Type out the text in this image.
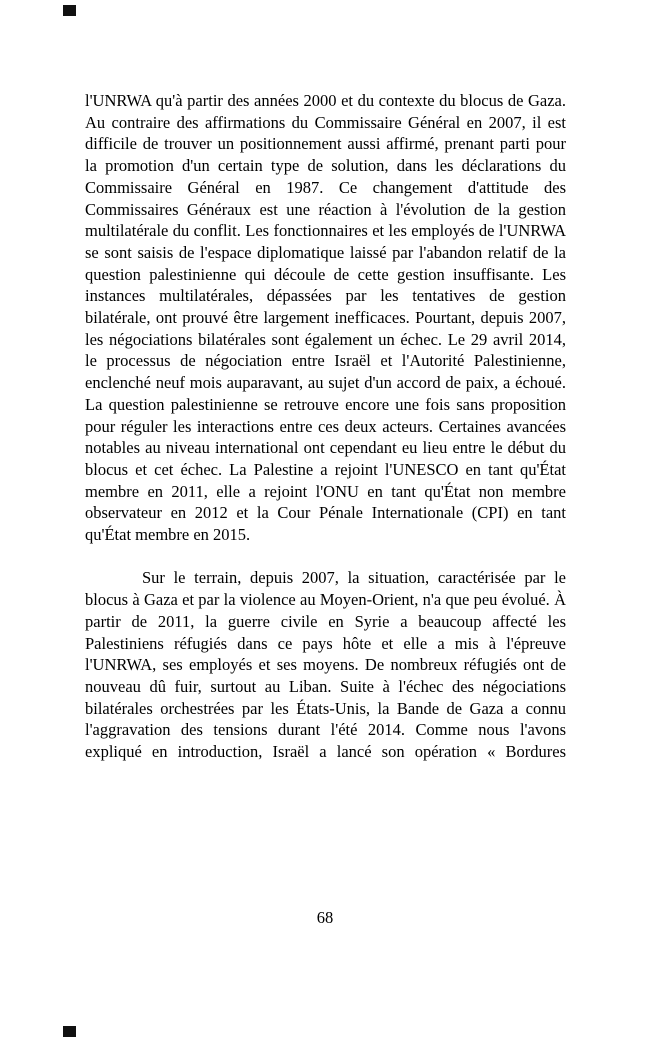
l'UNRWA qu'à partir des années 2000 et du contexte du blocus de Gaza. Au contraire des affirmations du Commissaire Général en 2007, il est difficile de trouver un positionnement aussi affirmé, prenant parti pour la promotion d'un certain type de solution, dans les déclarations du Commissaire Général en 1987. Ce changement d'attitude des Commissaires Généraux est une réaction à l'évolution de la gestion multilatérale du conflit. Les fonctionnaires et les employés de l'UNRWA se sont saisis de l'espace diplomatique laissé par l'abandon relatif de la question palestinienne qui découle de cette gestion insuffisante. Les instances multilatérales, dépassées par les tentatives de gestion bilatérale, ont prouvé être largement inefficaces. Pourtant, depuis 2007, les négociations bilatérales sont également un échec. Le 29 avril 2014, le processus de négociation entre Israël et l'Autorité Palestinienne, enclenché neuf mois auparavant, au sujet d'un accord de paix, a échoué. La question palestinienne se retrouve encore une fois sans proposition pour réguler les interactions entre ces deux acteurs. Certaines avancées notables au niveau international ont cependant eu lieu entre le début du blocus et cet échec. La Palestine a rejoint l'UNESCO en tant qu'État membre en 2011, elle a rejoint l'ONU en tant qu'État non membre observateur en 2012 et la Cour Pénale Internationale (CPI) en tant qu'État membre en 2015.

Sur le terrain, depuis 2007, la situation, caractérisée par le blocus à Gaza et par la violence au Moyen-Orient, n'a que peu évolué. À partir de 2011, la guerre civile en Syrie a beaucoup affecté les Palestiniens réfugiés dans ce pays hôte et elle a mis à l'épreuve l'UNRWA, ses employés et ses moyens. De nombreux réfugiés ont de nouveau dû fuir, surtout au Liban. Suite à l'échec des négociations bilatérales orchestrées par les États-Unis, la Bande de Gaza a connu l'aggravation des tensions durant l'été 2014. Comme nous l'avons expliqué en introduction, Israël a lancé son opération « Bordures

68
